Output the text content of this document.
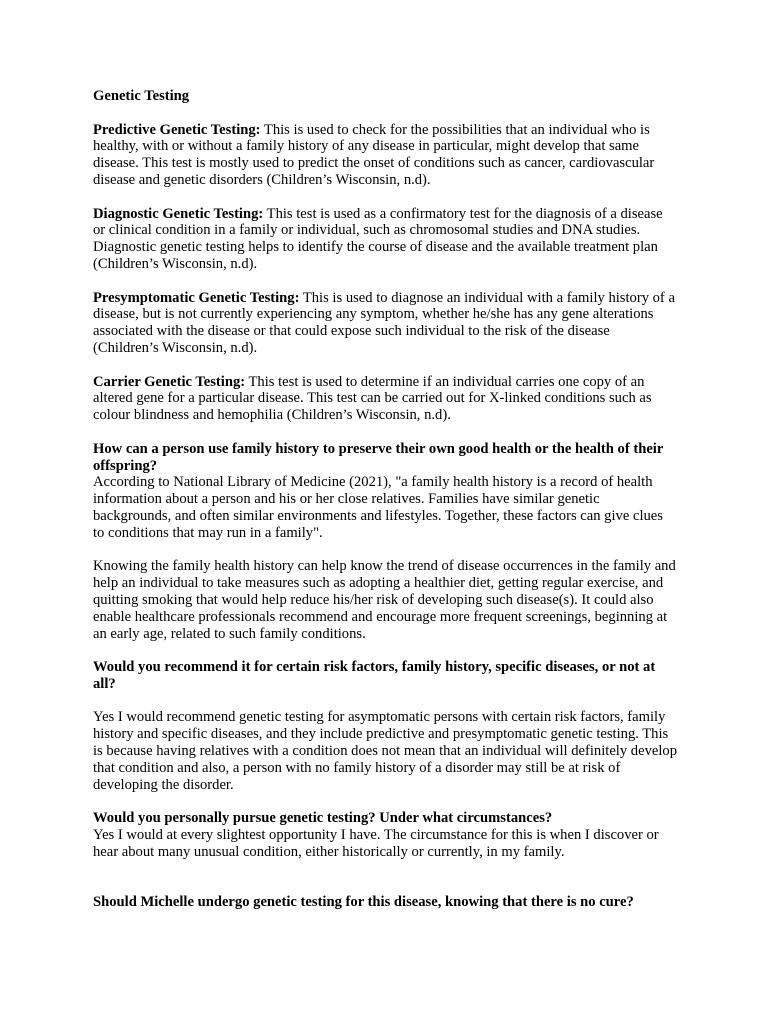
Genetic Testing

Predictive Genetic Testing: This is used to check for the possibilities that an individual who is healthy, with or without a family history of any disease in particular, might develop that same disease. This test is mostly used to predict the onset of conditions such as cancer, cardiovascular disease and genetic disorders (Children’s Wisconsin, n.d).

Diagnostic Genetic Testing: This test is used as a confirmatory test for the diagnosis of a disease or clinical condition in a family or individual, such as chromosomal studies and DNA studies. Diagnostic genetic testing helps to identify the course of disease and the available treatment plan (Children’s Wisconsin, n.d).

Presymptomatic Genetic Testing: This is used to diagnose an individual with a family history of a disease, but is not currently experiencing any symptom, whether he/she has any gene alterations associated with the disease or that could expose such individual to the risk of the disease (Children’s Wisconsin, n.d).

Carrier Genetic Testing: This test is used to determine if an individual carries one copy of an altered gene for a particular disease. This test can be carried out for X-linked conditions such as colour blindness and hemophilia (Children’s Wisconsin, n.d).

How can a person use family history to preserve their own good health or the health of their offspring?

According to National Library of Medicine (2021), "a family health history is a record of health information about a person and his or her close relatives. Families have similar genetic backgrounds, and often similar environments and lifestyles. Together, these factors can give clues to conditions that may run in a family".

Knowing the family health history can help know the trend of disease occurrences in the family and help an individual to take measures such as adopting a healthier diet, getting regular exercise, and quitting smoking that would help reduce his/her risk of developing such disease(s). It could also enable healthcare professionals recommend and encourage more frequent screenings, beginning at an early age, related to such family conditions.

Would you recommend it for certain risk factors, family history, specific diseases, or not at all?

Yes I would recommend genetic testing for asymptomatic persons with certain risk factors, family history and specific diseases, and they include predictive and presymptomatic genetic testing. This is because having relatives with a condition does not mean that an individual will definitely develop that condition and also, a person with no family history of a disorder may still be at risk of developing the disorder.

Would you personally pursue genetic testing? Under what circumstances?

Yes I would at every slightest opportunity I have. The circumstance for this is when I discover or hear about many unusual condition, either historically or currently, in my family.

Should Michelle undergo genetic testing for this disease, knowing that there is no cure?
